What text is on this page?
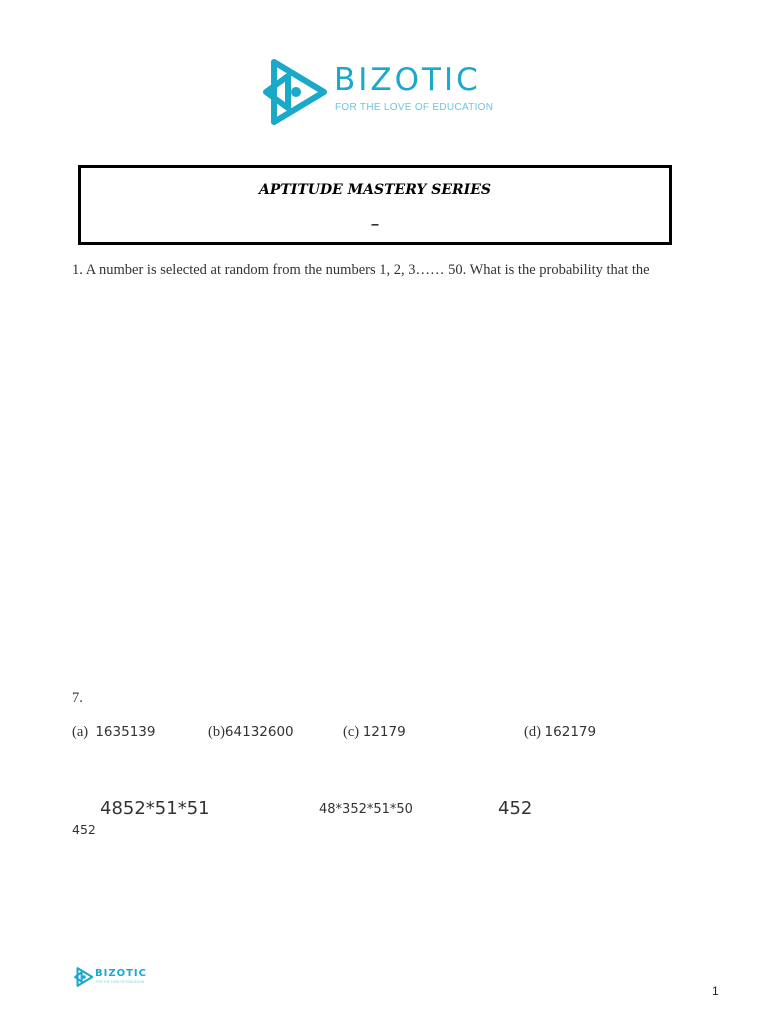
BIZOTIC
FOR THE LOVE OF EDUCATION
APTITUDE MASTERY SERIES
_
1. A number is selected at random from the numbers 1, 2, 3…… 50. What is the probability that the
7.
(a) 1635139	(b)64132600	(c) 12179	(d) 162179
4852*51*51	48*352*51*50	452
452
BIZOTIC
FOR THE LOVE OF EDUCATION
1
